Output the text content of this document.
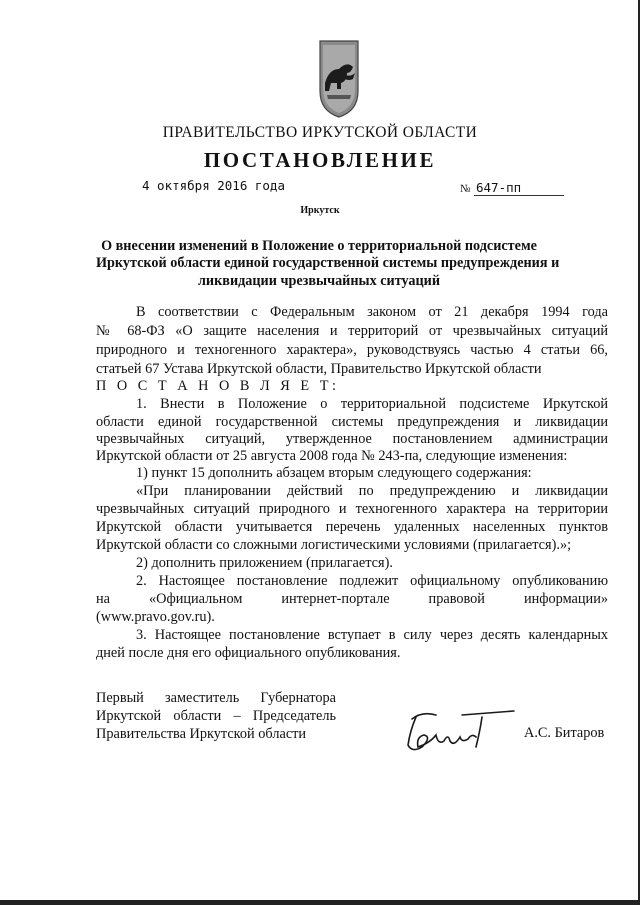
ПРАВИТЕЛЬСТВО ИРКУТСКОЙ ОБЛАСТИ
ПОСТАНОВЛЕНИЕ
4 октября 2016 года	№ 647-пп
Иркутск
О внесении изменений в Положение о территориальной подсистеме
Иркутской области единой государственной системы предупреждения и
ликвидации чрезвычайных ситуаций
В соответствии с Федеральным законом от 21 декабря 1994 года
№ 68-ФЗ «О защите населения и территорий от чрезвычайных ситуаций
природного и техногенного характера», руководствуясь частью 4 статьи 66,
статьей 67 Устава Иркутской области, Правительство Иркутской области
П О С Т А Н О В Л Я Е Т:
1. Внести в Положение о территориальной подсистеме Иркутской
области единой государственной системы предупреждения и ликвидации
чрезвычайных ситуаций, утвержденное постановлением администрации
Иркутской области от 25 августа 2008 года № 243-па, следующие изменения:
1) пункт 15 дополнить абзацем вторым следующего содержания:
«При планировании действий по предупреждению и ликвидации
чрезвычайных ситуаций природного и техногенного характера на территории
Иркутской области учитывается перечень удаленных населенных пунктов
Иркутской области со сложными логистическими условиями (прилагается).»;
2) дополнить приложением (прилагается).
2. Настоящее постановление подлежит официальному опубликованию
на «Официальном интернет-портале правовой информации»
(www.pravo.gov.ru).
3. Настоящее постановление вступает в силу через десять календарных
дней после дня его официального опубликования.
Первый заместитель Губернатора
Иркутской области – Председатель
Правительства Иркутской области	А.С. Битаров
